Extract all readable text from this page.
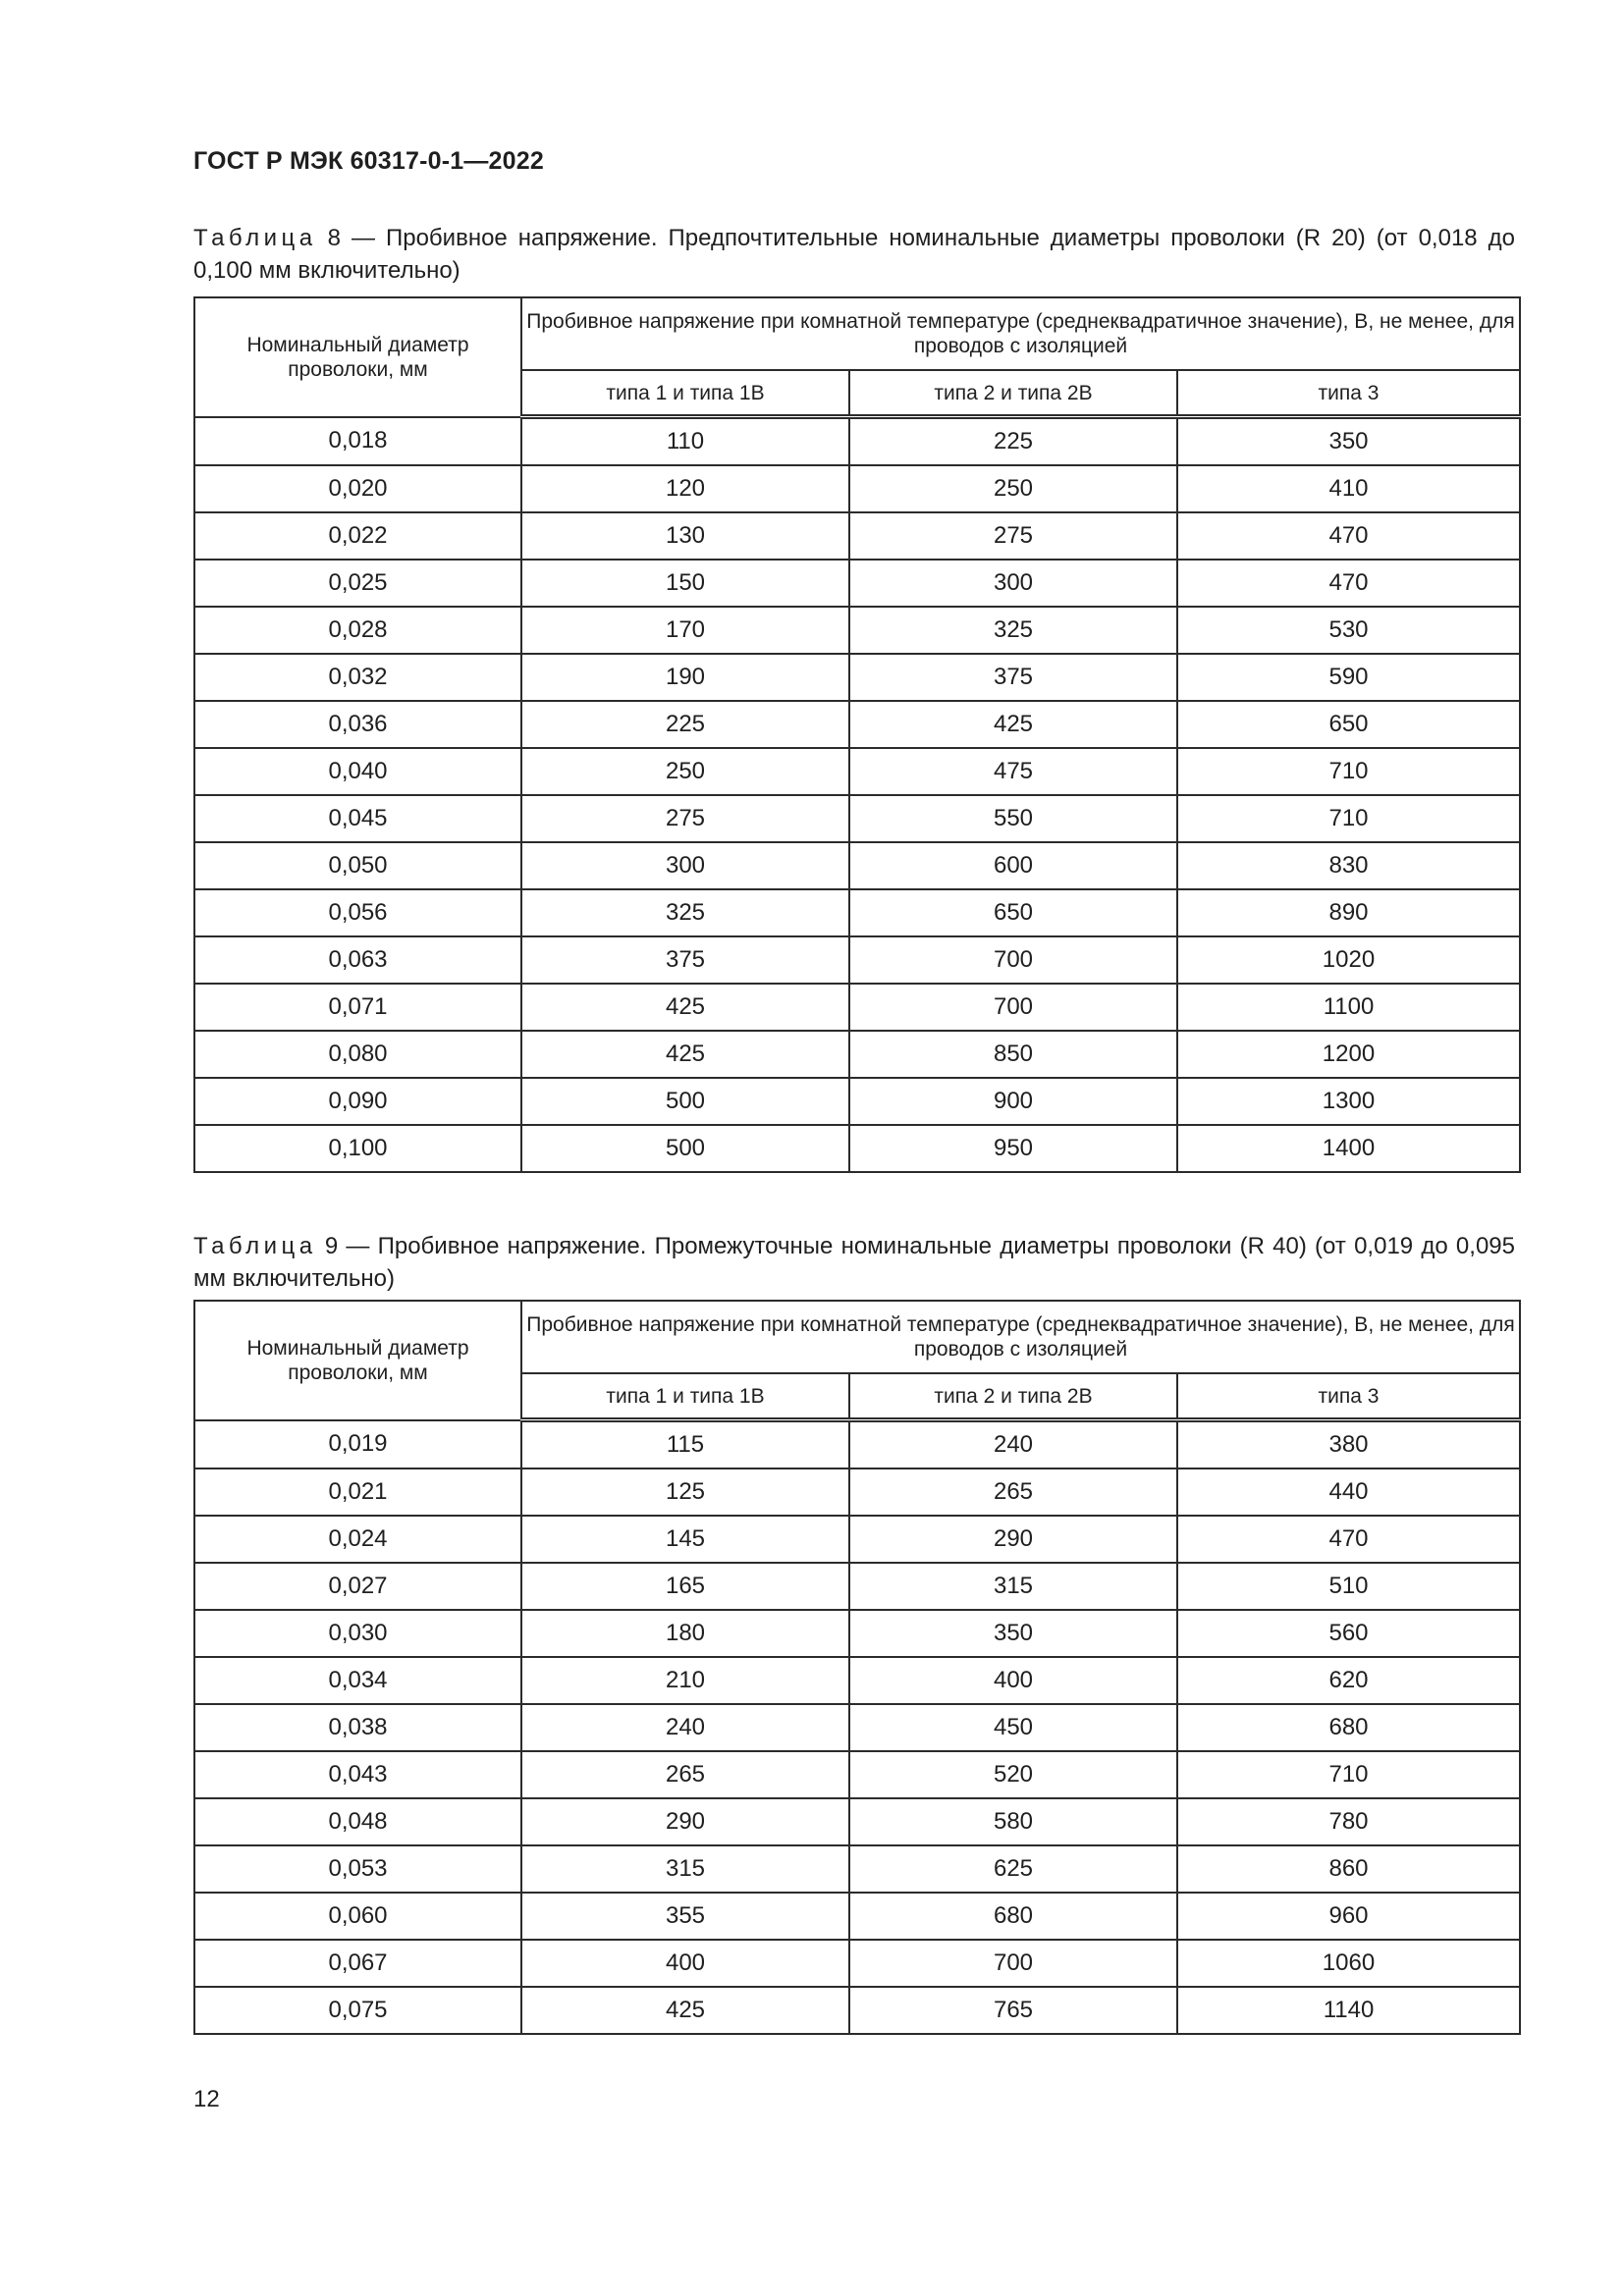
ГОСТ Р МЭК 60317-0-1—2022
Таблица 8 — Пробивное напряжение. Предпочтительные номинальные диаметры проволоки (R 20) (от 0,018 до 0,100 мм включительно)
Номинальный диаметр проволоки, мм	Пробивное напряжение при комнатной температуре (среднеквадратичное значение), В, не менее, для проводов с изоляцией		
	типа 1 и типа 1В	типа 2 и типа 2В	типа 3
0,018	110	225	350
0,020	120	250	410
0,022	130	275	470
0,025	150	300	470
0,028	170	325	530
0,032	190	375	590
0,036	225	425	650
0,040	250	475	710
0,045	275	550	710
0,050	300	600	830
0,056	325	650	890
0,063	375	700	1020
0,071	425	700	1100
0,080	425	850	1200
0,090	500	900	1300
0,100	500	950	1400
Таблица 9 — Пробивное напряжение. Промежуточные номинальные диаметры проволоки (R 40) (от 0,019 до 0,095 мм включительно)
Номинальный диаметр проволоки, мм	Пробивное напряжение при комнатной температуре (среднеквадратичное значение), В, не менее, для проводов с изоляцией		
	типа 1 и типа 1В	типа 2 и типа 2В	типа 3
0,019	115	240	380
0,021	125	265	440
0,024	145	290	470
0,027	165	315	510
0,030	180	350	560
0,034	210	400	620
0,038	240	450	680
0,043	265	520	710
0,048	290	580	780
0,053	315	625	860
0,060	355	680	960
0,067	400	700	1060
0,075	425	765	1140
12
